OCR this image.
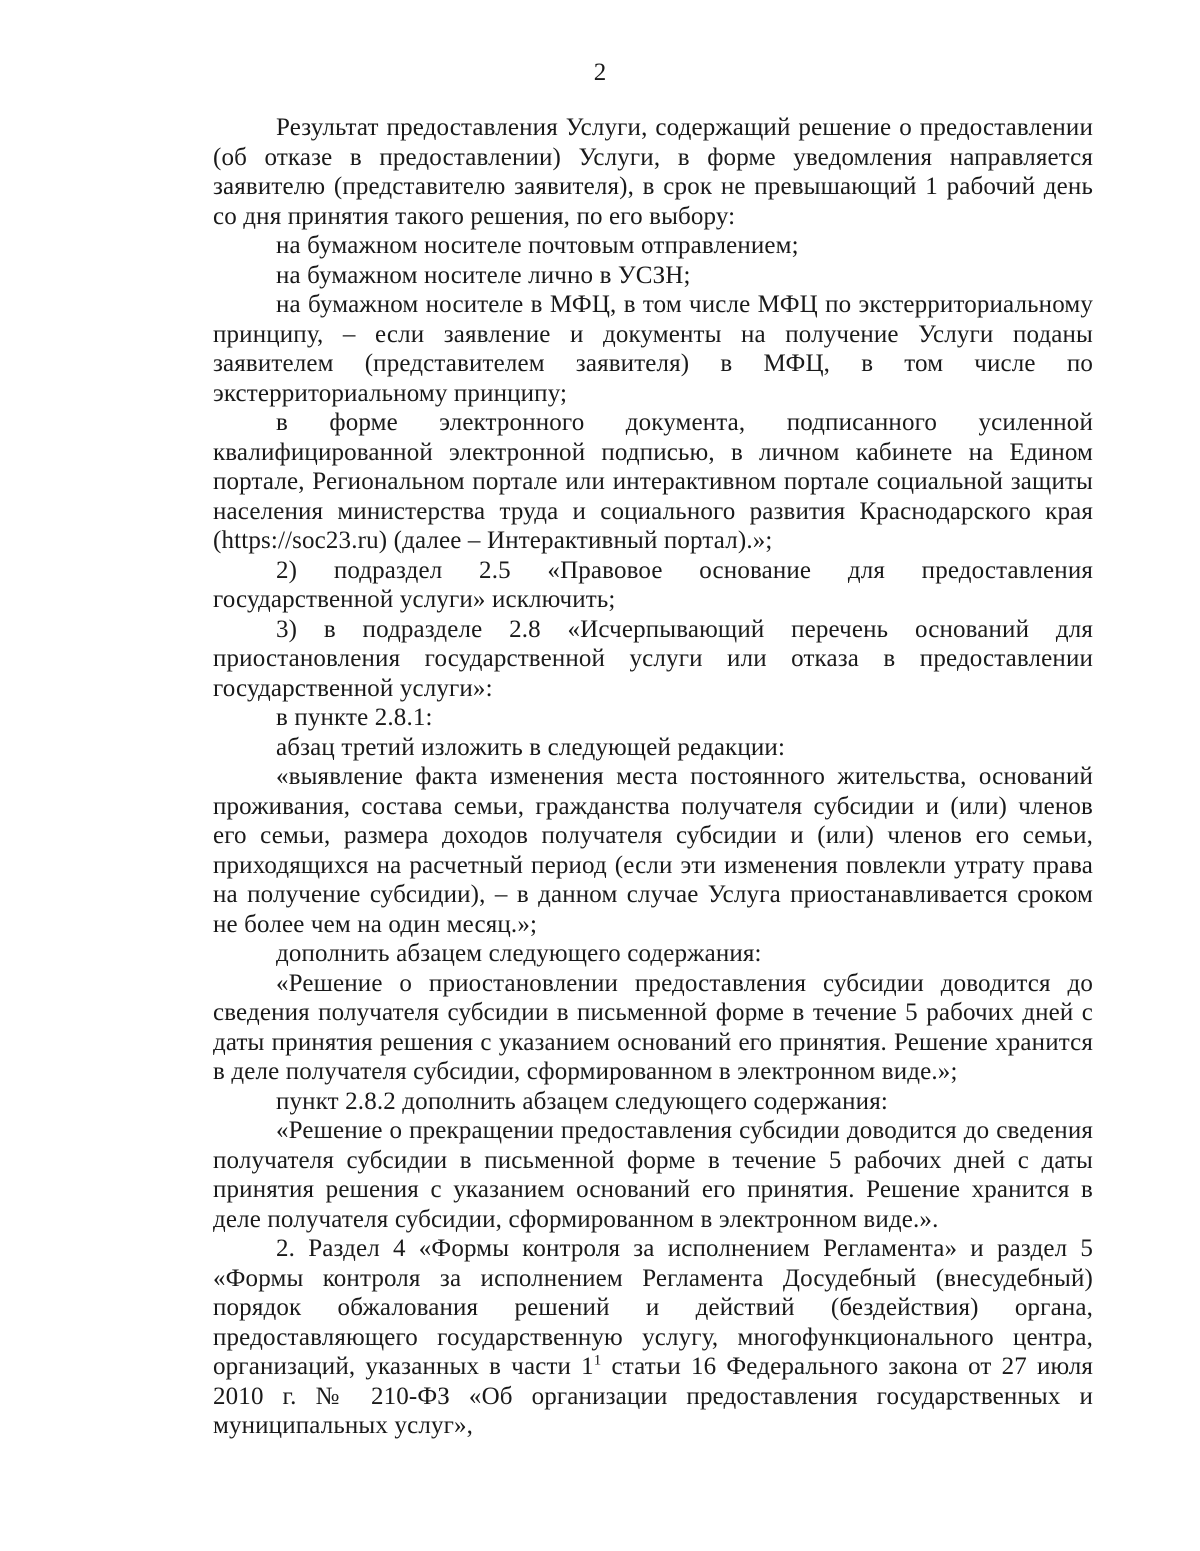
2

Результат предоставления Услуги, содержащий решение о предоставлении (об отказе в предоставлении) Услуги, в форме уведомления направляется заявителю (представителю заявителя), в срок не превышающий 1 рабочий день со дня принятия такого решения, по его выбору:

на бумажном носителе почтовым отправлением;

на бумажном носителе лично в УСЗН;

на бумажном носителе в МФЦ, в том числе МФЦ по экстерриториальному принципу, – если заявление и документы на получение Услуги поданы заявителем (представителем заявителя) в МФЦ, в том числе по экстерриториальному принципу;

в форме электронного документа, подписанного усиленной квалифицированной электронной подписью, в личном кабинете на Едином портале, Региональном портале или интерактивном портале социальной защиты населения министерства труда и социального развития Краснодарского края (https://soc23.ru) (далее – Интерактивный портал).»;

2) подраздел 2.5 «Правовое основание для предоставления государственной услуги» исключить;

3) в подразделе 2.8 «Исчерпывающий перечень оснований для приостановления государственной услуги или отказа в предоставлении государственной услуги»:

в пункте 2.8.1:

абзац третий изложить в следующей редакции:

«выявление факта изменения места постоянного жительства, оснований проживания, состава семьи, гражданства получателя субсидии и (или) членов его семьи, размера доходов получателя субсидии и (или) членов его семьи, приходящихся на расчетный период (если эти изменения повлекли утрату права на получение субсидии), – в данном случае Услуга приостанавливается сроком не более чем на один месяц.»;

дополнить абзацем следующего содержания:

«Решение о приостановлении предоставления субсидии доводится до сведения получателя субсидии в письменной форме в течение 5 рабочих дней с даты принятия решения с указанием оснований его принятия. Решение хранится в деле получателя субсидии, сформированном в электронном виде.»;

пункт 2.8.2 дополнить абзацем следующего содержания:

«Решение о прекращении предоставления субсидии доводится до сведения получателя субсидии в письменной форме в течение 5 рабочих дней с даты принятия решения с указанием оснований его принятия. Решение хранится в деле получателя субсидии, сформированном в электронном виде.».

2. Раздел 4 «Формы контроля за исполнением Регламента» и раздел 5 «Формы контроля за исполнением Регламента Досудебный (внесудебный) порядок обжалования решений и действий (бездействия) органа, предоставляющего государственную услугу, многофункционального центра, организаций, указанных в части $1^1$ статьи 16 Федерального закона от 27 июля 2010 г. № 210-ФЗ «Об организации предоставления государственных и муниципальных услуг»,
